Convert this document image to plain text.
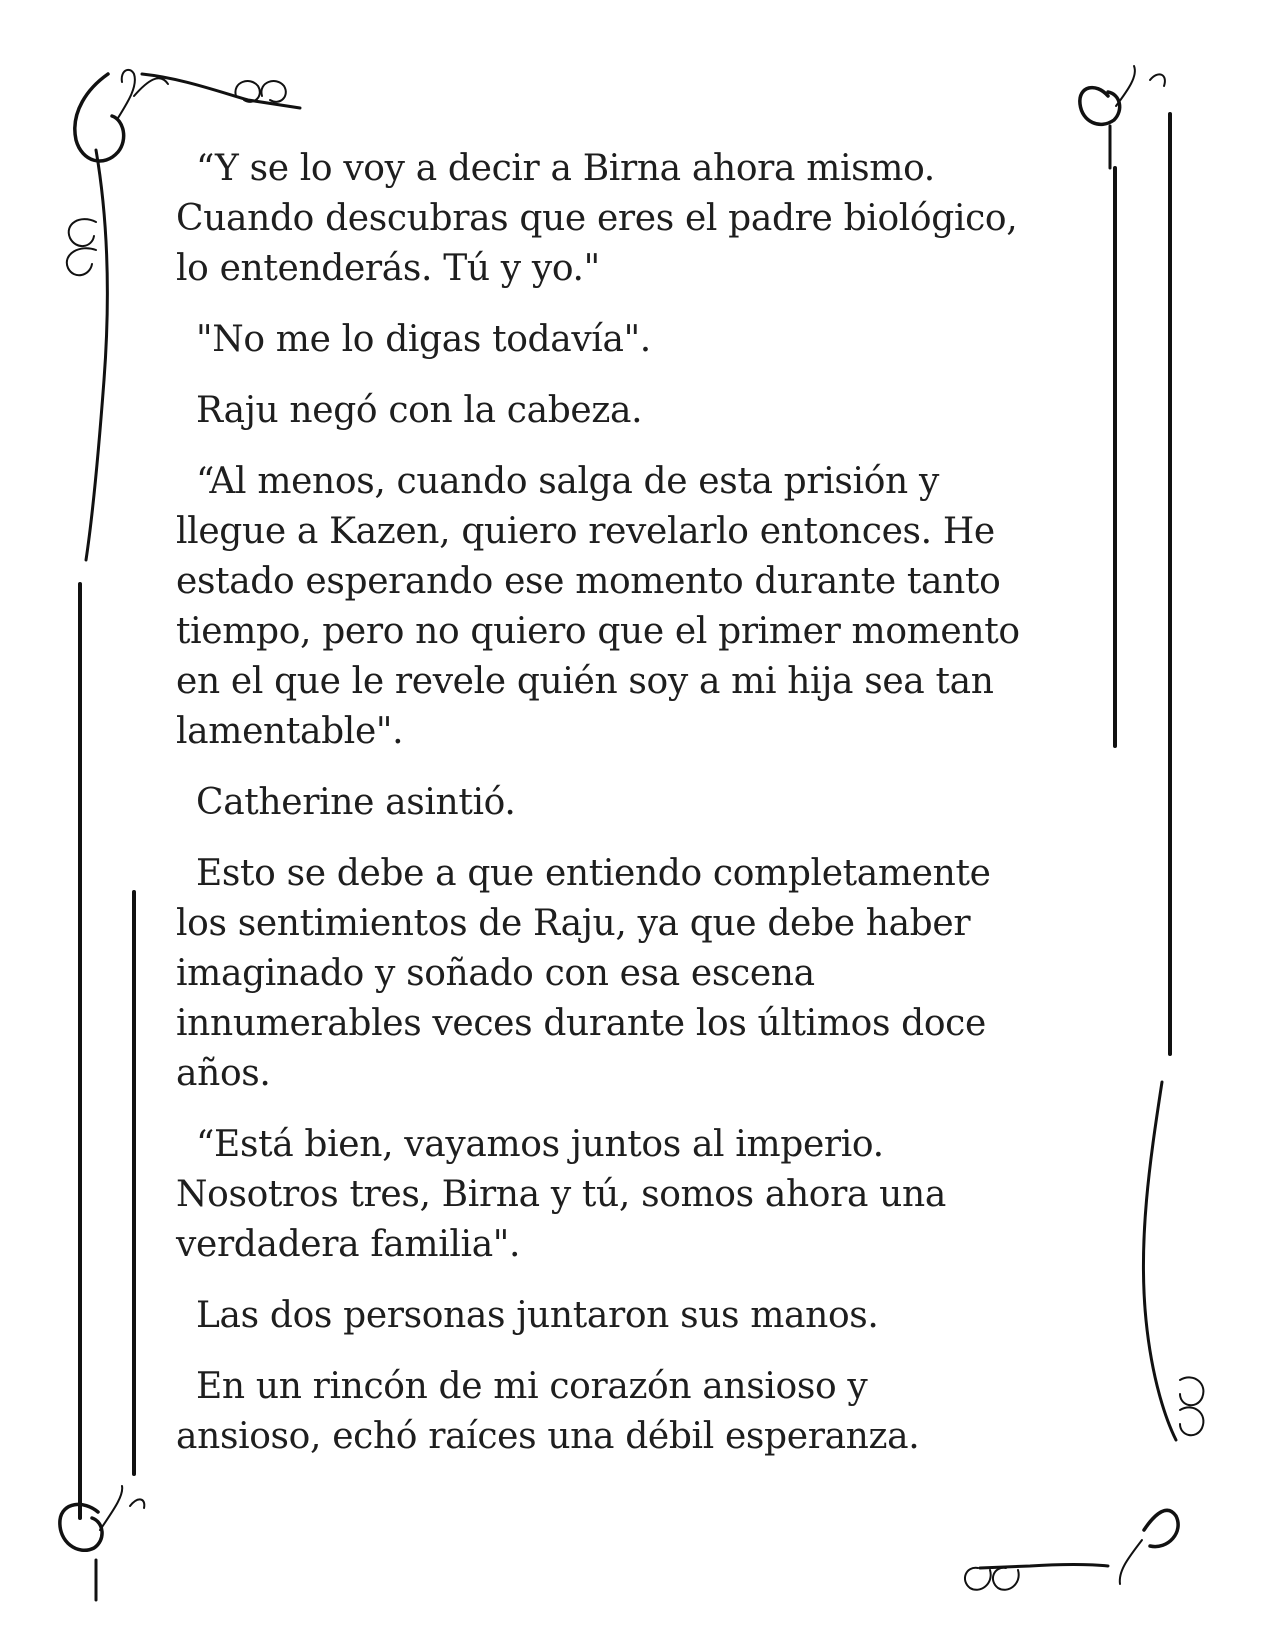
“Y se lo voy a decir a Birna ahora mismo.
Cuando descubras que eres el padre biológico,
lo entenderás. Tú y yo."

"No me lo digas todavía".

Raju negó con la cabeza.

“Al menos, cuando salga de esta prisión y
llegue a Kazen, quiero revelarlo entonces. He
estado esperando ese momento durante tanto
tiempo, pero no quiero que el primer momento
en el que le revele quién soy a mi hija sea tan
lamentable".

Catherine asintió.

Esto se debe a que entiendo completamente
los sentimientos de Raju, ya que debe haber
imaginado y soñado con esa escena
innumerables veces durante los últimos doce
años.

“Está bien, vayamos juntos al imperio.
Nosotros tres, Birna y tú, somos ahora una
verdadera familia".

Las dos personas juntaron sus manos.

En un rincón de mi corazón ansioso y
ansioso, echó raíces una débil esperanza.
